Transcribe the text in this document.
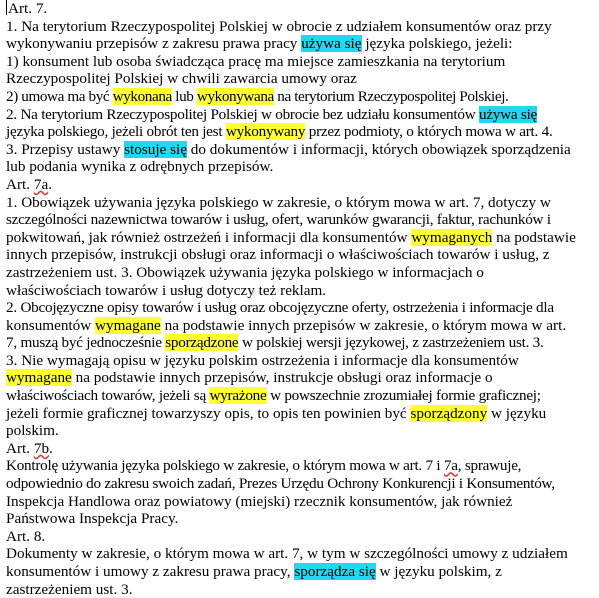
Art. 7.
1. Na terytorium Rzeczypospolitej Polskiej w obrocie z udziałem konsumentów oraz przy
wykonywaniu przepisów z zakresu prawa pracy używa się języka polskiego, jeżeli:
1) konsument lub osoba świadcząca pracę ma miejsce zamieszkania na terytorium
Rzeczypospolitej Polskiej w chwili zawarcia umowy oraz
2) umowa ma być wykonana lub wykonywana na terytorium Rzeczypospolitej Polskiej.
2. Na terytorium Rzeczypospolitej Polskiej w obrocie bez udziału konsumentów używa się
języka polskiego, jeżeli obrót ten jest wykonywany przez podmioty, o których mowa w art. 4.
3. Przepisy ustawy stosuje się do dokumentów i informacji, których obowiązek sporządzenia
lub podania wynika z odrębnych przepisów.
Art. 7a.
1. Obowiązek używania języka polskiego w zakresie, o którym mowa w art. 7, dotyczy w
szczególności nazewnictwa towarów i usług, ofert, warunków gwarancji, faktur, rachunków i
pokwitowań, jak również ostrzeżeń i informacji dla konsumentów wymaganych na podstawie
innych przepisów, instrukcji obsługi oraz informacji o właściwościach towarów i usług, z
zastrzeżeniem ust. 3. Obowiązek używania języka polskiego w informacjach o
właściwościach towarów i usług dotyczy też reklam.
2. Obcojęzyczne opisy towarów i usług oraz obcojęzyczne oferty, ostrzeżenia i informacje dla
konsumentów wymagane na podstawie innych przepisów w zakresie, o którym mowa w art.
7, muszą być jednocześnie sporządzone w polskiej wersji językowej, z zastrzeżeniem ust. 3.
3. Nie wymagają opisu w języku polskim ostrzeżenia i informacje dla konsumentów
wymagane na podstawie innych przepisów, instrukcje obsługi oraz informacje o
właściwościach towarów, jeżeli są wyrażone w powszechnie zrozumiałej formie graficznej;
jeżeli formie graficznej towarzyszy opis, to opis ten powinien być sporządzony w języku
polskim.
Art. 7b.
Kontrolę używania języka polskiego w zakresie, o którym mowa w art. 7 i 7a, sprawuje,
odpowiednio do zakresu swoich zadań, Prezes Urzędu Ochrony Konkurencji i Konsumentów,
Inspekcja Handlowa oraz powiatowy (miejski) rzecznik konsumentów, jak również
Państwowa Inspekcja Pracy.
Art. 8.
Dokumenty w zakresie, o którym mowa w art. 7, w tym w szczególności umowy z udziałem
konsumentów i umowy z zakresu prawa pracy, sporządza się w języku polskim, z
zastrzeżeniem ust. 3.
